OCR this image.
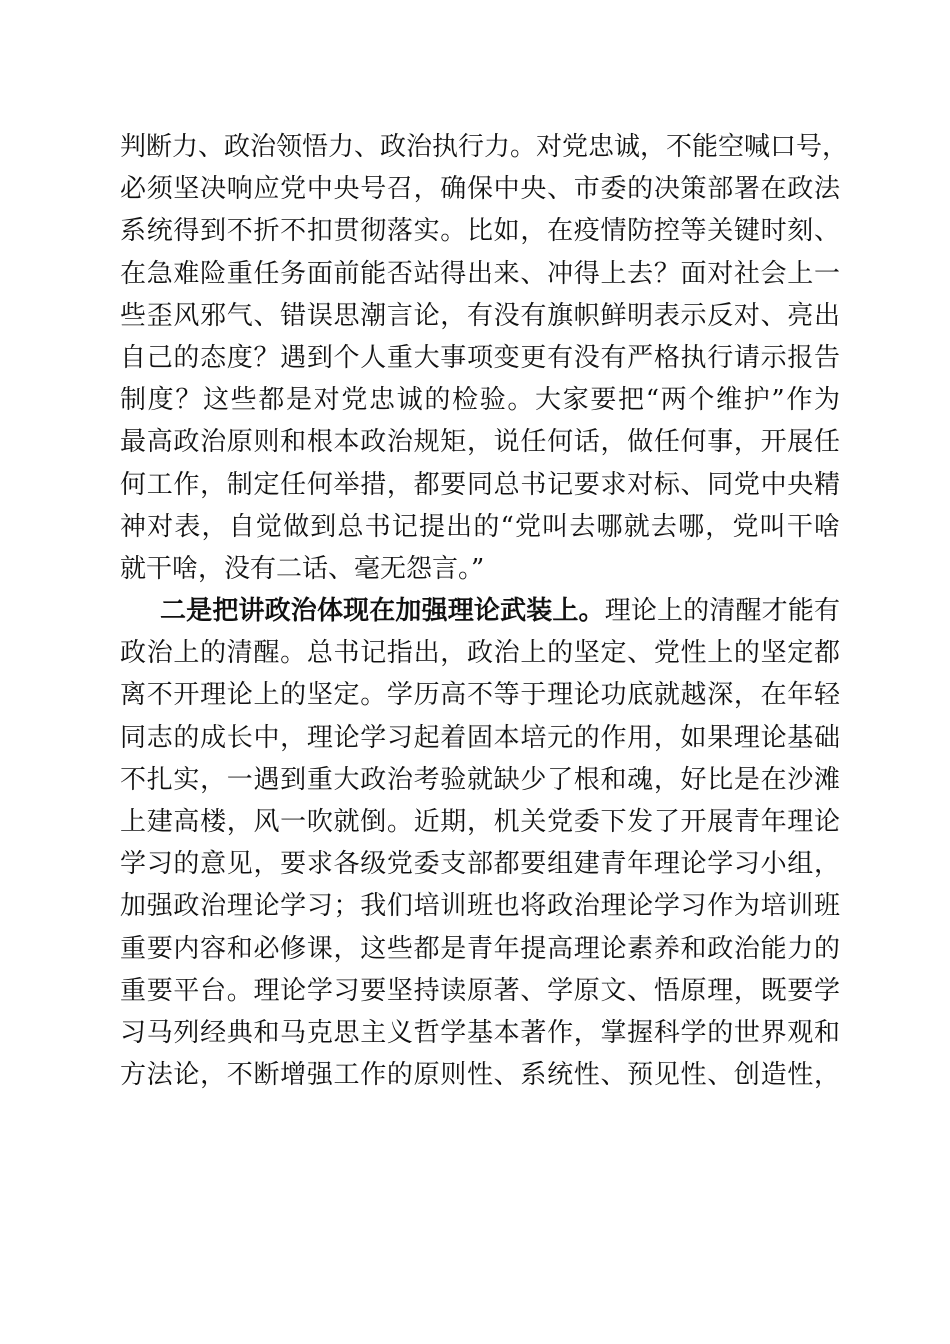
判断力、政治领悟力、政治执行力。对党忠诚，不能空喊口号，
必须坚决响应党中央号召，确保中央、市委的决策部署在政法
系统得到不折不扣贯彻落实。比如，在疫情防控等关键时刻、
在急难险重任务面前能否站得出来、冲得上去？面对社会上一
些歪风邪气、错误思潮言论，有没有旗帜鲜明表示反对、亮出
自己的态度？遇到个人重大事项变更有没有严格执行请示报告
制度？这些都是对党忠诚的检验。大家要把“两个维护”作为
最高政治原则和根本政治规矩，说任何话，做任何事，开展任
何工作，制定任何举措，都要同总书记要求对标、同党中央精
神对表，自觉做到总书记提出的“党叫去哪就去哪，党叫干啥
就干啥，没有二话、毫无怨言。”
二是把讲政治体现在加强理论武装上。理论上的清醒才能有
政治上的清醒。总书记指出，政治上的坚定、党性上的坚定都
离不开理论上的坚定。学历高不等于理论功底就越深，在年轻
同志的成长中，理论学习起着固本培元的作用，如果理论基础
不扎实，一遇到重大政治考验就缺少了根和魂，好比是在沙滩
上建高楼，风一吹就倒。近期，机关党委下发了开展青年理论
学习的意见，要求各级党委支部都要组建青年理论学习小组，
加强政治理论学习；我们培训班也将政治理论学习作为培训班
重要内容和必修课，这些都是青年提高理论素养和政治能力的
重要平台。理论学习要坚持读原著、学原文、悟原理，既要学
习马列经典和马克思主义哲学基本著作，掌握科学的世界观和
方法论，不断增强工作的原则性、系统性、预见性、创造性，
